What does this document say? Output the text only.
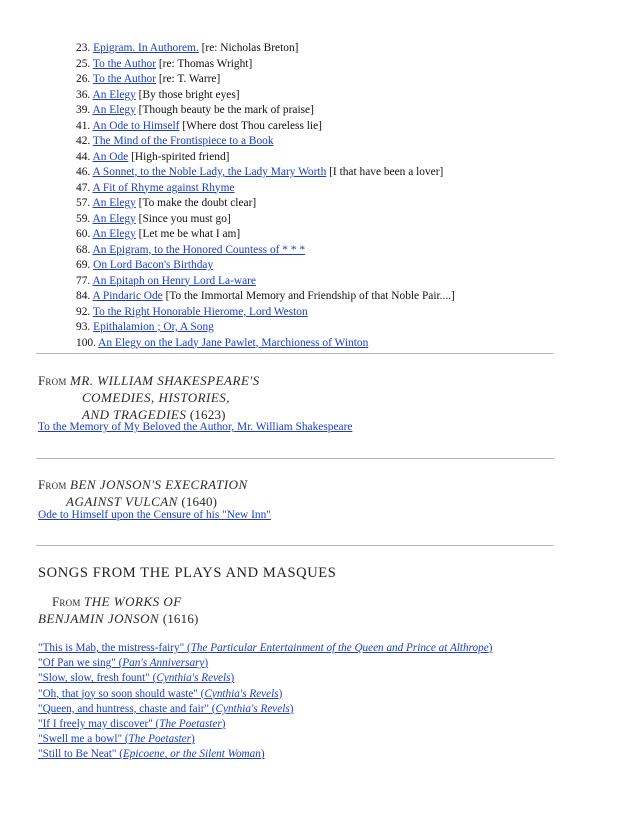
23. Epigram. In Authorem. [re: Nicholas Breton]
25. To the Author [re: Thomas Wright]
26. To the Author [re: T. Warre]
36. An Elegy [By those bright eyes]
39. An Elegy [Though beauty be the mark of praise]
41. An Ode to Himself [Where dost Thou careless lie]
42. The Mind of the Frontispiece to a Book
44. An Ode [High-spirited friend]
46. A Sonnet, to the Noble Lady, the Lady Mary Worth [I that have been a lover]
47. A Fit of Rhyme against Rhyme
57. An Elegy [To make the doubt clear]
59. An Elegy [Since you must go]
60. An Elegy [Let me be what I am]
68. An Epigram, to the Honored Countess of * * *
69. On Lord Bacon's Birthday
77. An Epitaph on Henry Lord La-ware
84. A Pindaric Ode [To the Immortal Memory and Friendship of that Noble Pair....]
92. To the Right Honorable Hierome, Lord Weston
93. Epithalamion ; Or, A Song
100. An Elegy on the Lady Jane Pawlet, Marchioness of Winton
From MR. WILLIAM SHAKESPEARE'S
COMEDIES, HISTORIES,
AND TRAGEDIES (1623)
To the Memory of My Beloved the Author, Mr. William Shakespeare
From BEN JONSON'S EXECRATION
AGAINST VULCAN (1640)
Ode to Himself upon the Censure of his "New Inn"
SONGS FROM THE PLAYS AND MASQUES
From THE WORKS OF
BENJAMIN JONSON (1616)
"This is Mab, the mistress-fairy" (The Particular Entertainment of the Queen and Prince at Althrope)
"Of Pan we sing" (Pan's Anniversary)
"Slow, slow, fresh fount" (Cynthia's Revels)
"Oh, that joy so soon should waste" (Cynthia's Revels)
"Queen, and huntress, chaste and fair" (Cynthia's Revels)
"If I freely may discover" (The Poetaster)
"Swell me a bowl" (The Poetaster)
"Still to Be Neat" (Epicoene, or the Silent Woman)
